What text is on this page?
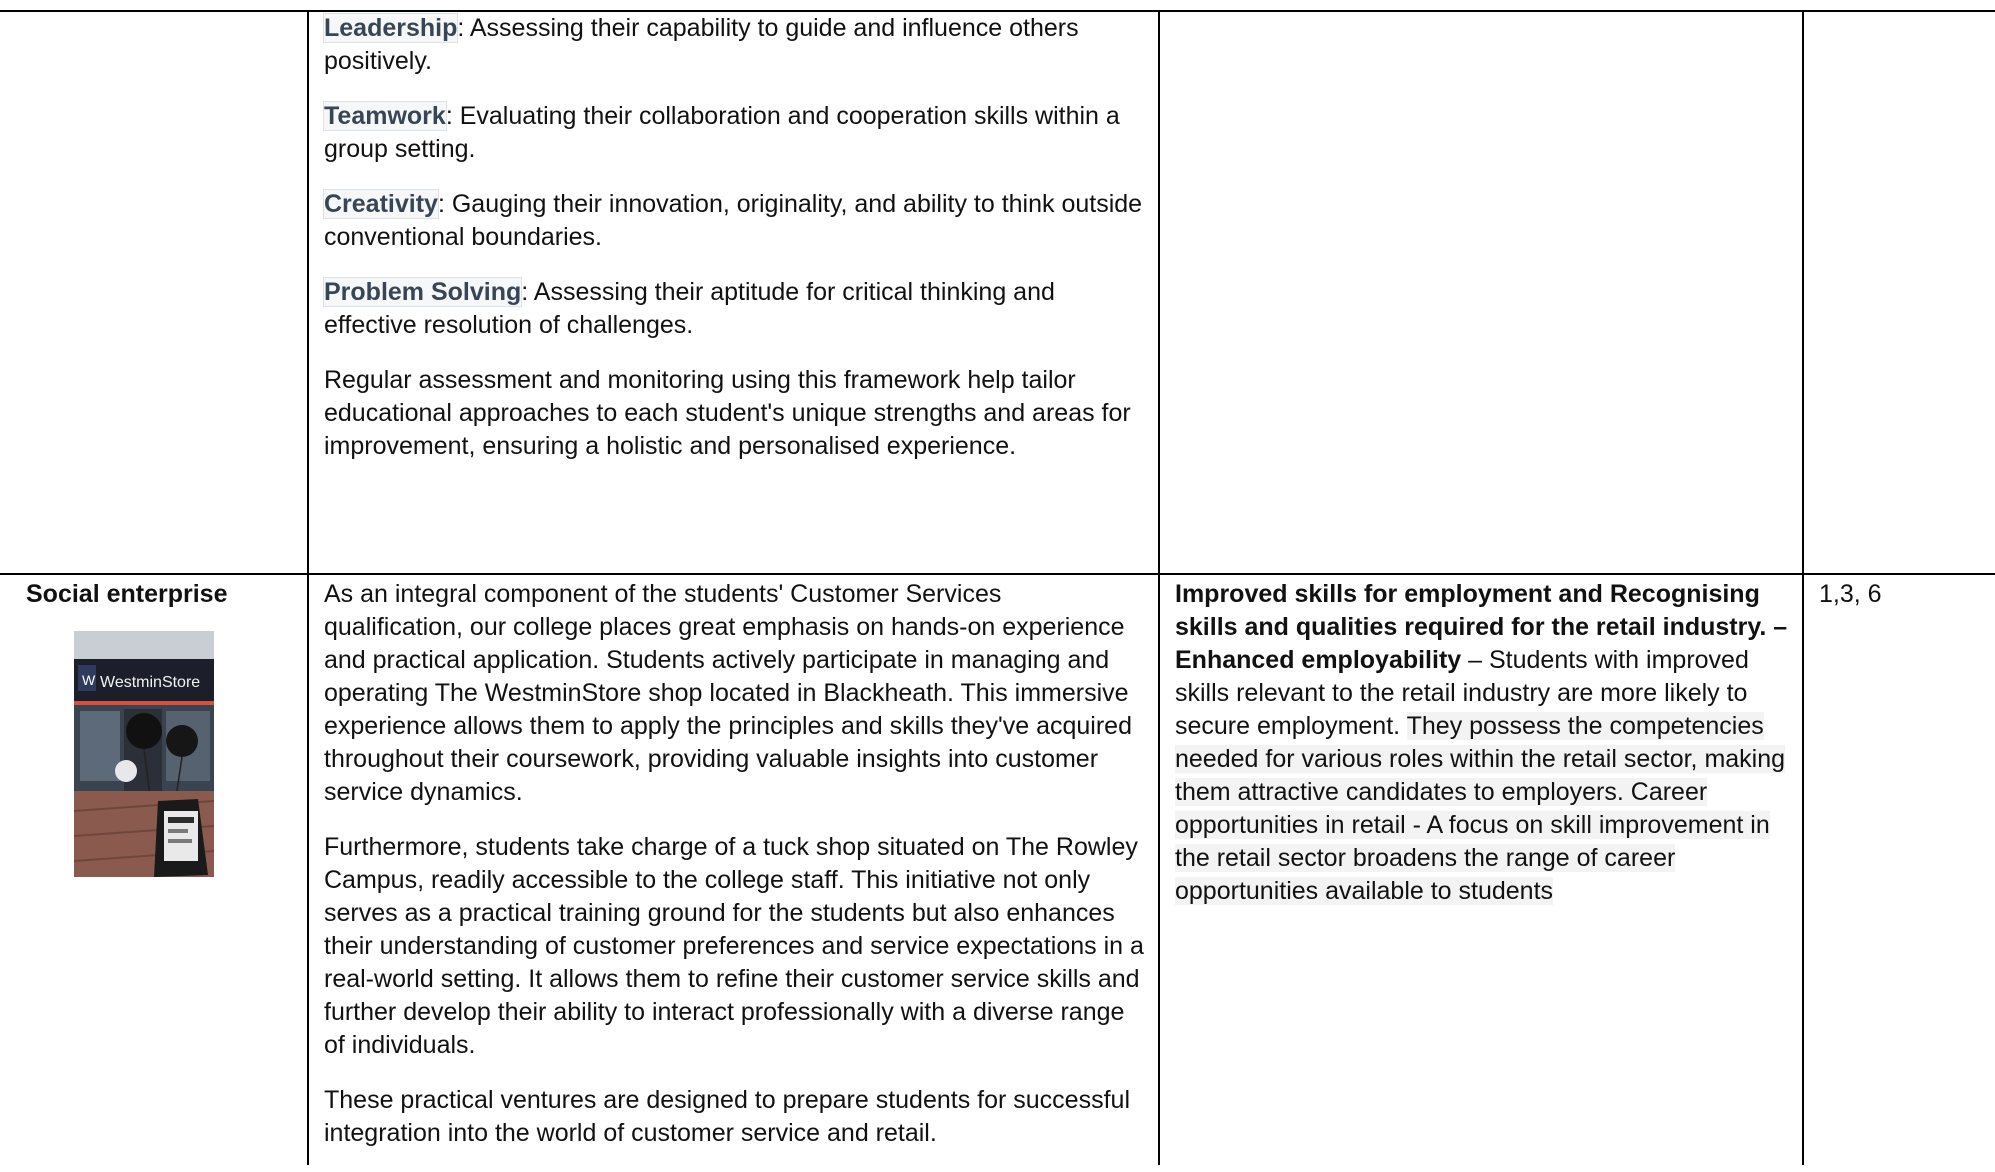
Leadership: Assessing their capability to guide and influence others positively.

Teamwork: Evaluating their collaboration and cooperation skills within a group setting.

Creativity: Gauging their innovation, originality, and ability to think outside conventional boundaries.

Problem Solving: Assessing their aptitude for critical thinking and effective resolution of challenges.

Regular assessment and monitoring using this framework help tailor educational approaches to each student's unique strengths and areas for improvement, ensuring a holistic and personalised experience.

Social enterprise
W WestminStore

As an integral component of the students' Customer Services qualification, our college places great emphasis on hands-on experience and practical application. Students actively participate in managing and operating The WestminStore shop located in Blackheath. This immersive experience allows them to apply the principles and skills they've acquired throughout their coursework, providing valuable insights into customer service dynamics.

Furthermore, students take charge of a tuck shop situated on The Rowley Campus, readily accessible to the college staff. This initiative not only serves as a practical training ground for the students but also enhances their understanding of customer preferences and service expectations in a real-world setting. It allows them to refine their customer service skills and further develop their ability to interact professionally with a diverse range of individuals.

These practical ventures are designed to prepare students for successful integration into the world of customer service and retail.

Improved skills for employment and Recognising skills and qualities required for the retail industry. – Enhanced employability – Students with improved skills relevant to the retail industry are more likely to secure employment. They possess the competencies needed for various roles within the retail sector, making them attractive candidates to employers. Career opportunities in retail - A focus on skill improvement in the retail sector broadens the range of career opportunities available to students
1,3, 6
